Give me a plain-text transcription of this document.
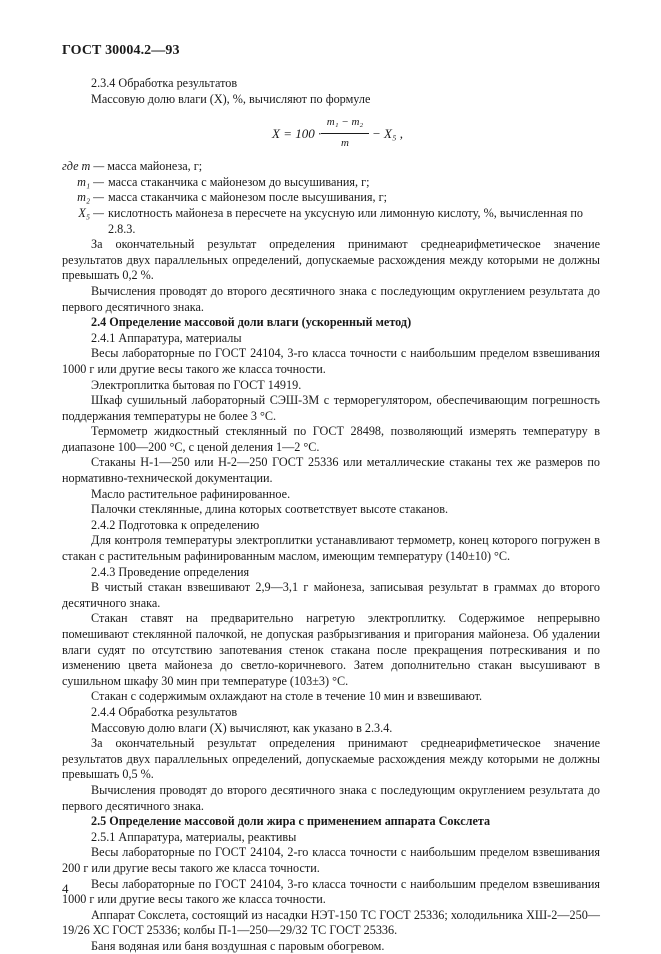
ГОСТ 30004.2—93

2.3.4 Обработка результатов

Массовую долю влаги (X), %, вычисляют по формуле

$X = 100 \cdot \frac{\text{m₁ − m₂}}{m} - X_5$ ,
где m —
масса майонеза, г;
m₁ — масса стаканчика с майонезом до высушивания, г;
m₂ — масса стаканчика с майонезом после высушивания, г;
X₅ — кислотность майонеза в пересчете на уксусную или лимонную кислоту, %, вычисленная по

2.8.3.

За окончательный результат определения принимают среднеарифметическое значение результатов двух параллельных определений, допускаемые расхождения между которыми не должны превышать 0,2 %.

Вычисления проводят до второго десятичного знака с последующим округлением результата до первого десятичного знака.

2.4 Определение массовой доли влаги (ускоренный метод)

2.4.1 Аппаратура, материалы

Весы лабораторные по ГОСТ 24104, 3-го класса точности с наибольшим пределом взвешивания 1000 г или другие весы такого же класса точности.

Электроплитка бытовая по ГОСТ 14919.

Шкаф сушильный лабораторный СЭШ-3М с терморегулятором, обеспечивающим погрешность поддержания температуры не более 3 °С.

Термометр жидкостный стеклянный по ГОСТ 28498, позволяющий измерять температуру в диапазоне 100—200 °С, с ценой деления 1—2 °С.

Стаканы Н-1—250 или Н-2—250 ГОСТ 25336 или металлические стаканы тех же размеров по нормативно-технической документации.

Масло растительное рафинированное.

Палочки стеклянные, длина которых соответствует высоте стаканов.

2.4.2 Подготовка к определению

Для контроля температуры электроплитки устанавливают термометр, конец которого погружен в стакан с растительным рафинированным маслом, имеющим температуру (140±10) °С.

2.4.3 Проведение определения

В чистый стакан взвешивают 2,9—3,1 г майонеза, записывая результат в граммах до второго десятичного знака.

Стакан ставят на предварительно нагретую электроплитку. Содержимое непрерывно помешивают стеклянной палочкой, не допуская разбрызгивания и пригорания майонеза. Об удалении влаги судят по отсутствию запотевания стенок стакана после прекращения потрескивания и по изменению цвета майонеза до светло-коричневого. Затем дополнительно стакан высушивают в сушильном шкафу 30 мин при температуре (103±3) °С.

Стакан с содержимым охлаждают на столе в течение 10 мин и взвешивают.

2.4.4 Обработка результатов

Массовую долю влаги (X) вычисляют, как указано в 2.3.4.

За окончательный результат определения принимают среднеарифметическое значение результатов двух параллельных определений, допускаемые расхождения между которыми не должны превышать 0,5 %.

Вычисления проводят до второго десятичного знака с последующим округлением результата до первого десятичного знака.

2.5 Определение массовой доли жира с применением аппарата Сокслета

2.5.1 Аппаратура, материалы, реактивы

Весы лабораторные по ГОСТ 24104, 2-го класса точности с наибольшим пределом взвешивания 200 г или другие весы такого же класса точности.

Весы лабораторные по ГОСТ 24104, 3-го класса точности с наибольшим пределом взвешивания 1000 г или другие весы такого же класса точности.

Аппарат Сокслета, состоящий из насадки НЭТ-150 ТС ГОСТ 25336; холодильника ХШ-2—250—19/26 ХС ГОСТ 25336; колбы П-1—250—29/32 ТС ГОСТ 25336.

Баня водяная или баня воздушная с паровым обогревом.

4
